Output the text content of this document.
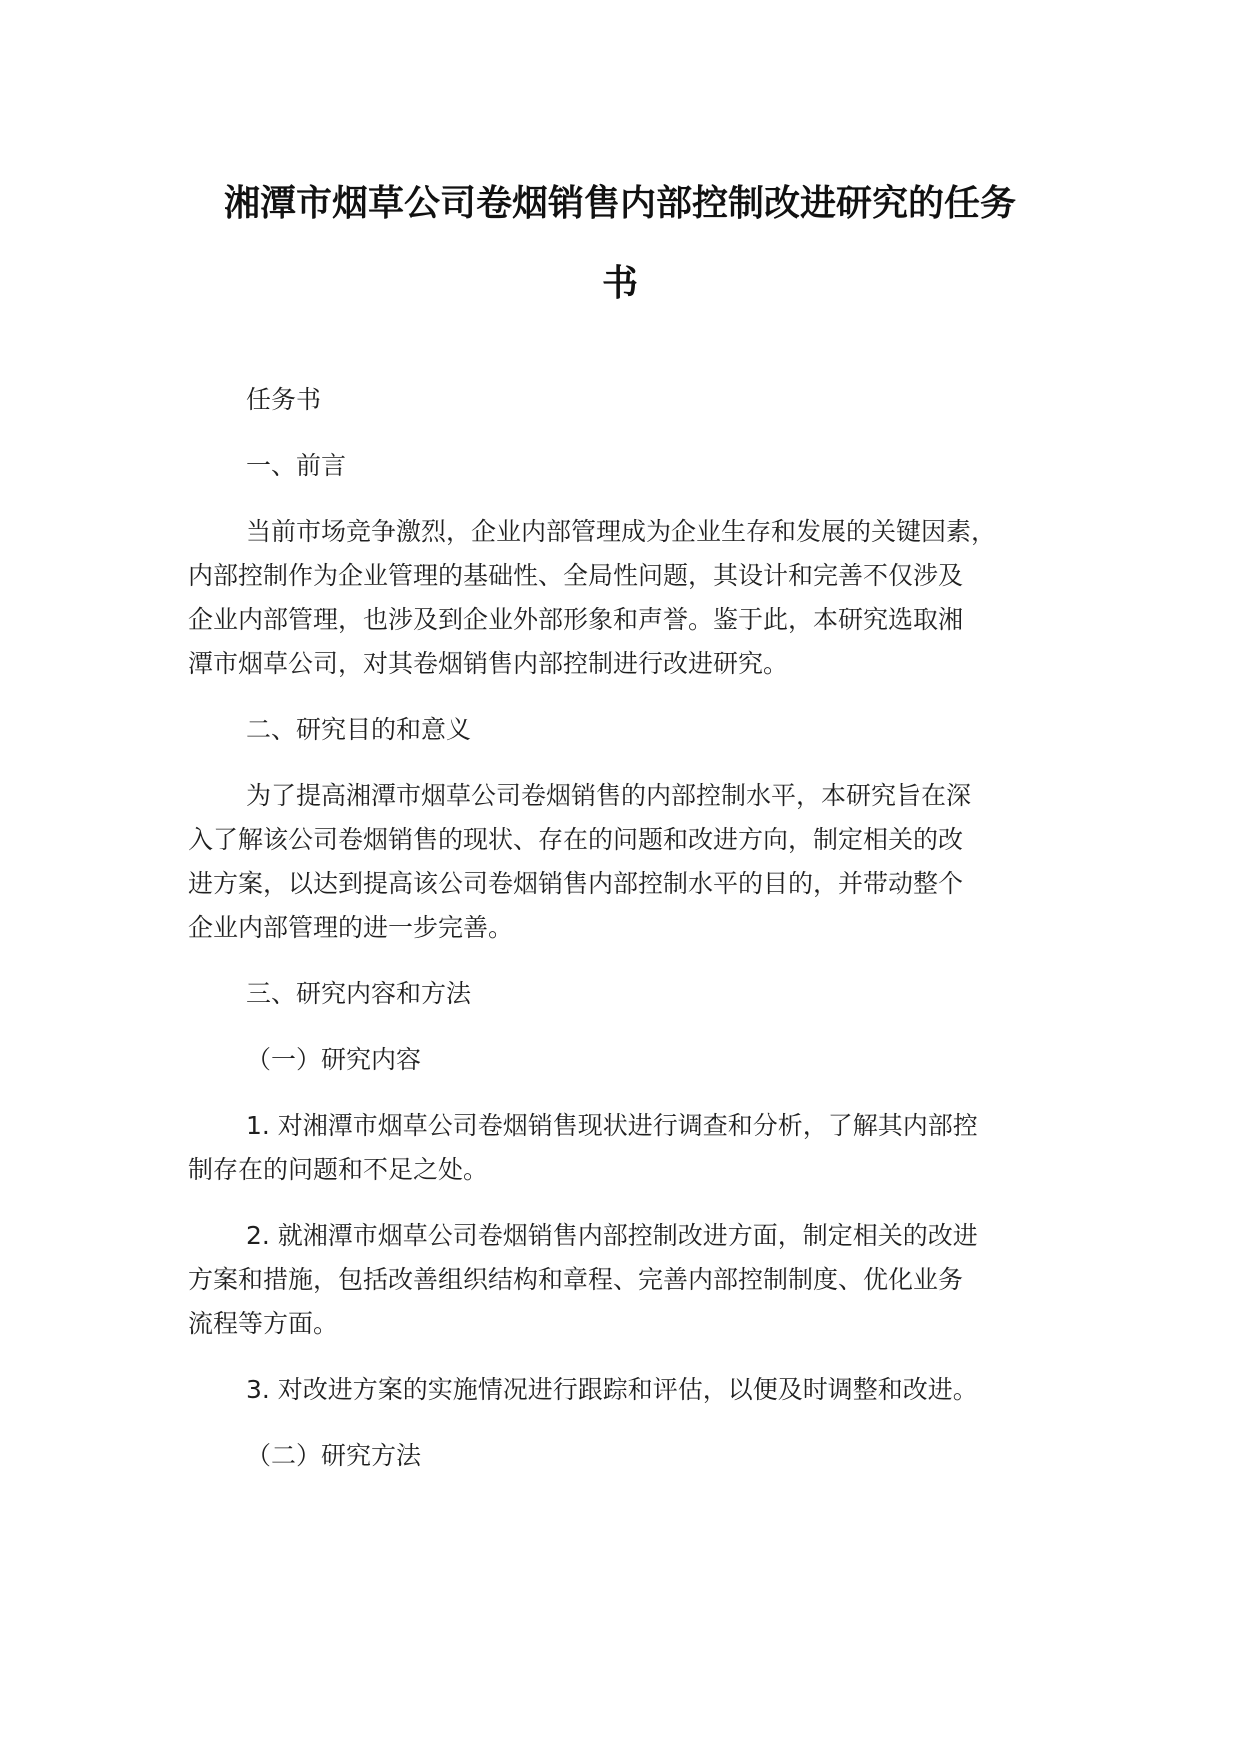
湘潭市烟草公司卷烟销售内部控制改进研究的任务
书
任务书
一、前言
当前市场竞争激烈，企业内部管理成为企业生存和发展的关键因素，
内部控制作为企业管理的基础性、全局性问题，其设计和完善不仅涉及
企业内部管理，也涉及到企业外部形象和声誉。鉴于此，本研究选取湘
潭市烟草公司，对其卷烟销售内部控制进行改进研究。
二、研究目的和意义
为了提高湘潭市烟草公司卷烟销售的内部控制水平，本研究旨在深
入了解该公司卷烟销售的现状、存在的问题和改进方向，制定相关的改
进方案，以达到提高该公司卷烟销售内部控制水平的目的，并带动整个
企业内部管理的进一步完善。
三、研究内容和方法
（一）研究内容
1. 对湘潭市烟草公司卷烟销售现状进行调查和分析，了解其内部控
制存在的问题和不足之处。
2. 就湘潭市烟草公司卷烟销售内部控制改进方面，制定相关的改进
方案和措施，包括改善组织结构和章程、完善内部控制制度、优化业务
流程等方面。
3. 对改进方案的实施情况进行跟踪和评估，以便及时调整和改进。
（二）研究方法
